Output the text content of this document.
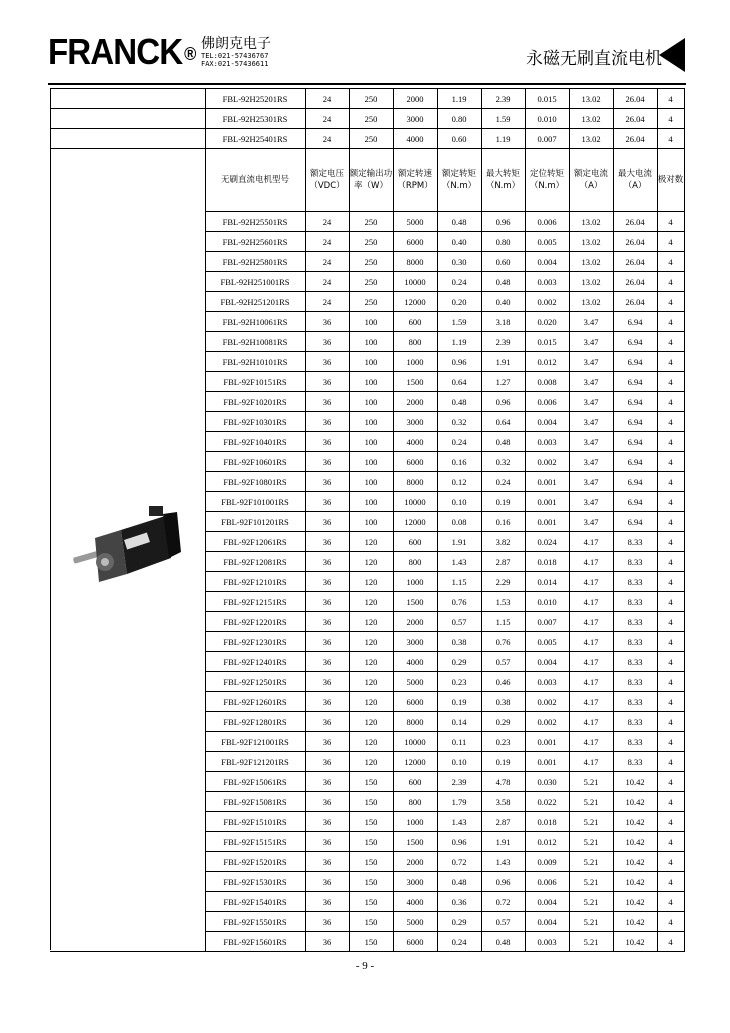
FRANCK ® 佛朗克电子
TEL:021-57436767
FAX:021-57436611	永磁无刷直流电机
	FBL-92H25201RS	24	250	2000	1.19	2.39	0.015	13.02	26.04	4
	FBL-92H25301RS	24	250	3000	0.80	1.59	0.010	13.02	26.04	4
	FBL-92H25401RS	24	250	4000	0.60	1.19	0.007	13.02	26.04	4

	无刷直流电机型号	额定电压（VDC）	额定输出功 率（W）	额定转速（RPM）	额定转矩（N.m）	最大转矩（N.m）	定位转矩（N.m）	额定电流（A）	最大电流（A）	极对数
	FBL-92H25501RS	24	250	5000	0.48	0.96	0.006	13.02	26.04	4
	FBL-92H25601RS	24	250	6000	0.40	0.80	0.005	13.02	26.04	4
	FBL-92H25801RS	24	250	8000	0.30	0.60	0.004	13.02	26.04	4
	FBL-92H251001RS	24	250	10000	0.24	0.48	0.003	13.02	26.04	4
	FBL-92H251201RS	24	250	12000	0.20	0.40	0.002	13.02	26.04	4
	FBL-92H10061RS	36	100	600	1.59	3.18	0.020	3.47	6.94	4
	FBL-92H10081RS	36	100	800	1.19	2.39	0.015	3.47	6.94	4
	FBL-92H10101RS	36	100	1000	0.96	1.91	0.012	3.47	6.94	4
	FBL-92F10151RS	36	100	1500	0.64	1.27	0.008	3.47	6.94	4
	FBL-92F10201RS	36	100	2000	0.48	0.96	0.006	3.47	6.94	4
	FBL-92F10301RS	36	100	3000	0.32	0.64	0.004	3.47	6.94	4
	FBL-92F10401RS	36	100	4000	0.24	0.48	0.003	3.47	6.94	4
	FBL-92F10601RS	36	100	6000	0.16	0.32	0.002	3.47	6.94	4
	FBL-92F10801RS	36	100	8000	0.12	0.24	0.001	3.47	6.94	4
	FBL-92F101001RS	36	100	10000	0.10	0.19	0.001	3.47	6.94	4
	FBL-92F101201RS	36	100	12000	0.08	0.16	0.001	3.47	6.94	4
	FBL-92F12061RS	36	120	600	1.91	3.82	0.024	4.17	8.33	4
	FBL-92F12081RS	36	120	800	1.43	2.87	0.018	4.17	8.33	4
	FBL-92F12101RS	36	120	1000	1.15	2.29	0.014	4.17	8.33	4
	FBL-92F12151RS	36	120	1500	0.76	1.53	0.010	4.17	8.33	4
	FBL-92F12201RS	36	120	2000	0.57	1.15	0.007	4.17	8.33	4
	FBL-92F12301RS	36	120	3000	0.38	0.76	0.005	4.17	8.33	4
	FBL-92F12401RS	36	120	4000	0.29	0.57	0.004	4.17	8.33	4
	FBL-92F12501RS	36	120	5000	0.23	0.46	0.003	4.17	8.33	4
	FBL-92F12601RS	36	120	6000	0.19	0.38	0.002	4.17	8.33	4
	FBL-92F12801RS	36	120	8000	0.14	0.29	0.002	4.17	8.33	4
	FBL-92F121001RS	36	120	10000	0.11	0.23	0.001	4.17	8.33	4
	FBL-92F121201RS	36	120	12000	0.10	0.19	0.001	4.17	8.33	4
	FBL-92F15061RS	36	150	600	2.39	4.78	0.030	5.21	10.42	4
	FBL-92F15081RS	36	150	800	1.79	3.58	0.022	5.21	10.42	4
	FBL-92F15101RS	36	150	1000	1.43	2.87	0.018	5.21	10.42	4
	FBL-92F15151RS	36	150	1500	0.96	1.91	0.012	5.21	10.42	4
	FBL-92F15201RS	36	150	2000	0.72	1.43	0.009	5.21	10.42	4
	FBL-92F15301RS	36	150	3000	0.48	0.96	0.006	5.21	10.42	4
	FBL-92F15401RS	36	150	4000	0.36	0.72	0.004	5.21	10.42	4
	FBL-92F15501RS	36	150	5000	0.29	0.57	0.004	5.21	10.42	4
	FBL-92F15601RS	36	150	6000	0.24	0.48	0.003	5.21	10.42	4
- 9 -
